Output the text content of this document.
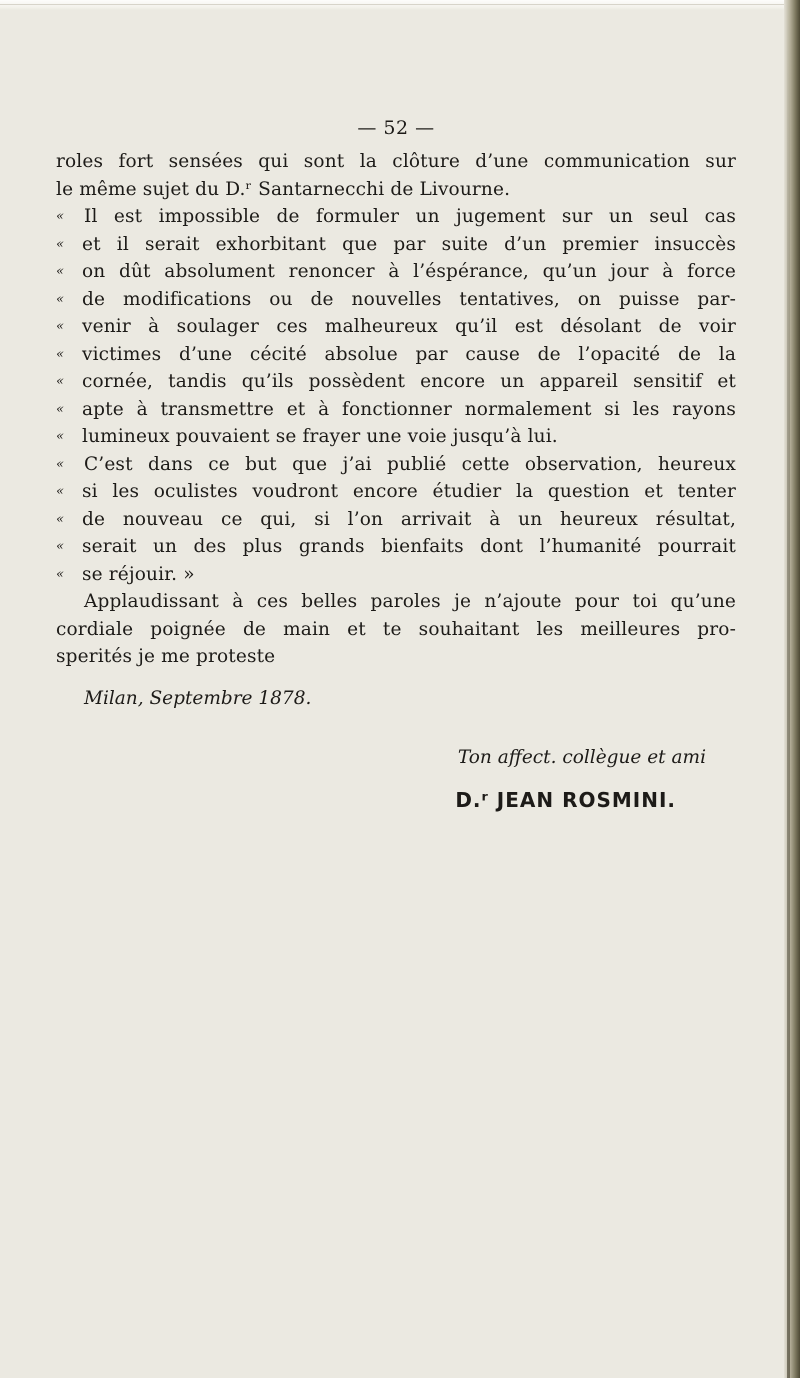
— 52 —
roles fort sensées qui sont la clôture d’une communication sur
le même sujet du D.ʳ Santarnecchi de Livourne.
« Il est impossible de formuler un jugement sur un seul cas
« et il serait exhorbitant que par suite d’un premier insuccès
« on dût absolument renoncer à l’éspérance, qu’un jour à force
« de modifications ou de nouvelles tentatives, on puisse par-
« venir à soulager ces malheureux qu’il est désolant de voir
« victimes d’une cécité absolue par cause de l’opacité de la
« cornée, tandis qu’ils possèdent encore un appareil sensitif et
« apte à transmettre et à fonctionner normalement si les rayons
« lumineux pouvaient se frayer une voie jusqu’à lui.
« C’est dans ce but que j’ai publié cette observation, heureux
« si les oculistes voudront encore étudier la question et tenter
« de nouveau ce qui, si l’on arrivait à un heureux résultat,
« serait un des plus grands bienfaits dont l’humanité pourrait
« se réjouir. »
Applaudissant à ces belles paroles je n’ajoute pour toi qu’une
cordiale poignée de main et te souhaitant les meilleures pro-
sperités je me proteste
Milan, Septembre 1878.
Ton affect. collègue et ami
D.ʳ JEAN ROSMINI.
